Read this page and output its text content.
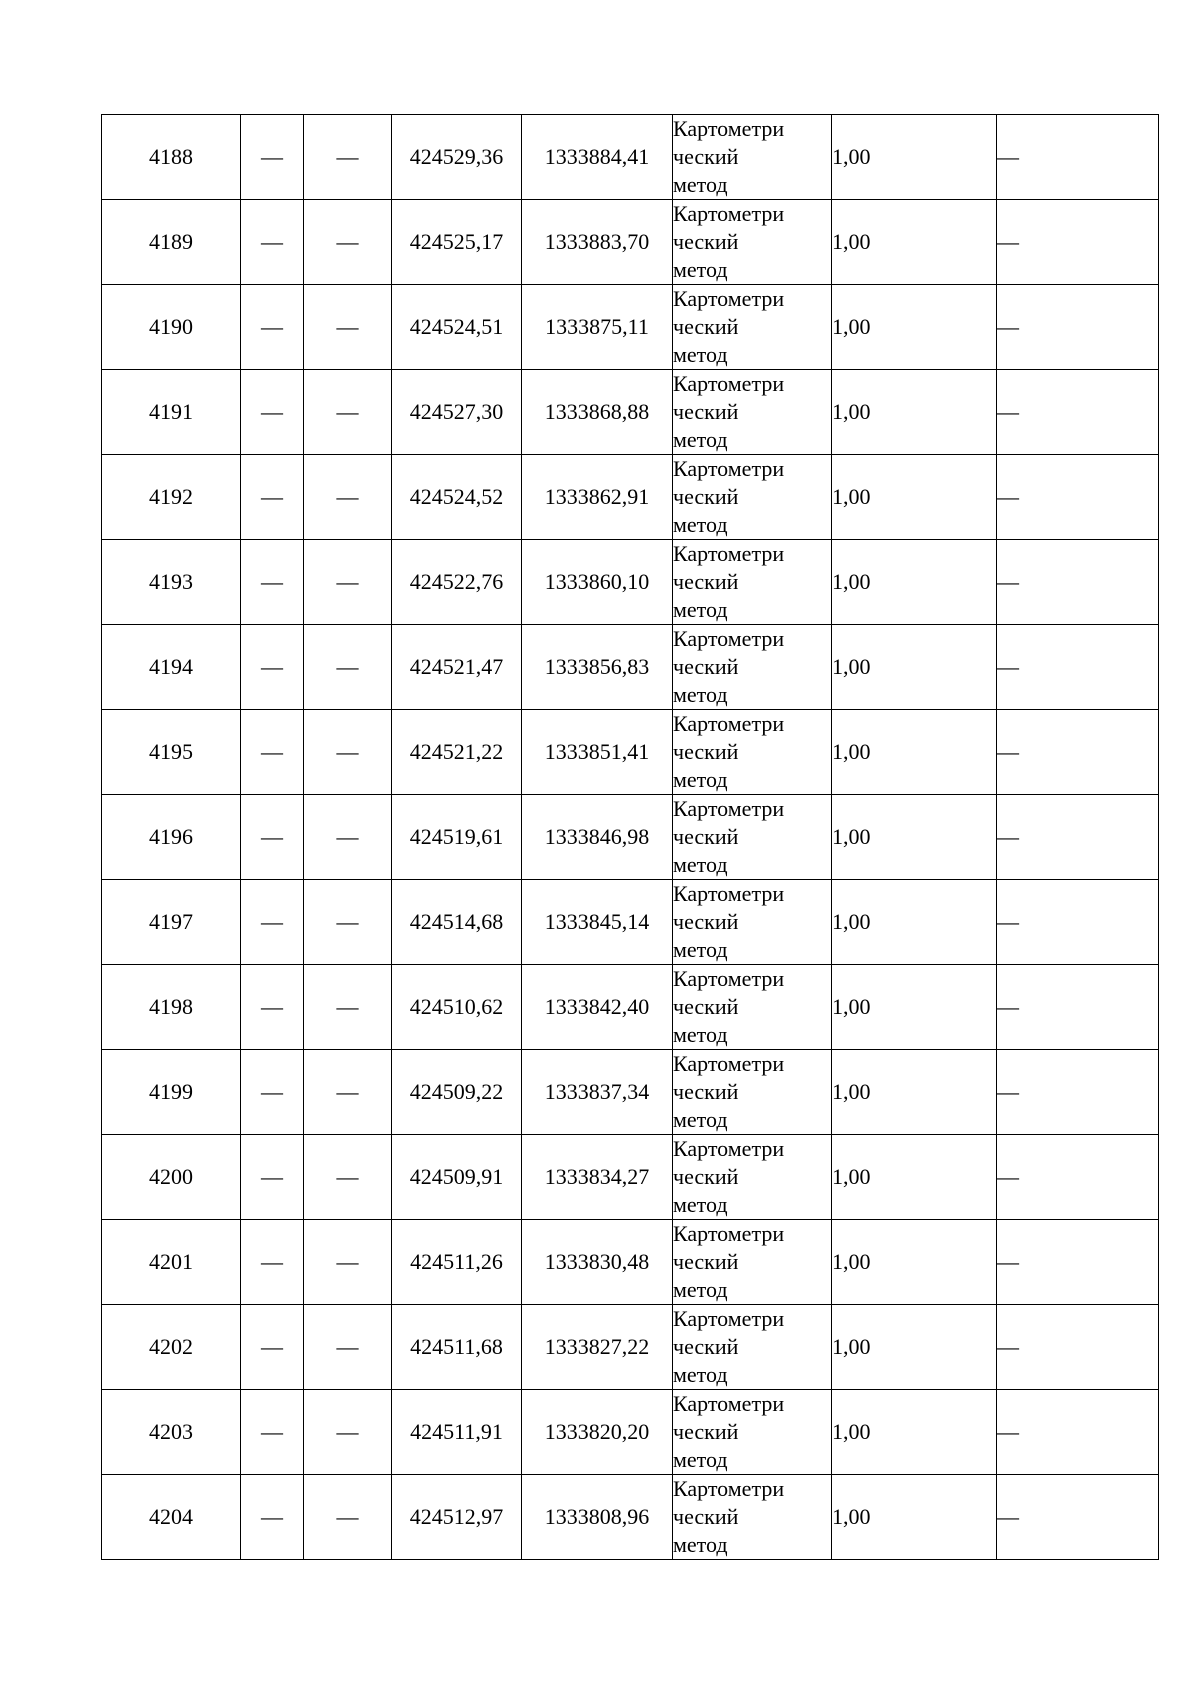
4188	—	—	424529,36	1333884,41	Картометри
ческий
метод	1,00	—
4189	—	—	424525,17	1333883,70	Картометри
ческий
метод	1,00	—
4190	—	—	424524,51	1333875,11	Картометри
ческий
метод	1,00	—
4191	—	—	424527,30	1333868,88	Картометри
ческий
метод	1,00	—
4192	—	—	424524,52	1333862,91	Картометри
ческий
метод	1,00	—
4193	—	—	424522,76	1333860,10	Картометри
ческий
метод	1,00	—
4194	—	—	424521,47	1333856,83	Картометри
ческий
метод	1,00	—
4195	—	—	424521,22	1333851,41	Картометри
ческий
метод	1,00	—
4196	—	—	424519,61	1333846,98	Картометри
ческий
метод	1,00	—
4197	—	—	424514,68	1333845,14	Картометри
ческий
метод	1,00	—
4198	—	—	424510,62	1333842,40	Картометри
ческий
метод	1,00	—
4199	—	—	424509,22	1333837,34	Картометри
ческий
метод	1,00	—
4200	—	—	424509,91	1333834,27	Картометри
ческий
метод	1,00	—
4201	—	—	424511,26	1333830,48	Картометри
ческий
метод	1,00	—
4202	—	—	424511,68	1333827,22	Картометри
ческий
метод	1,00	—
4203	—	—	424511,91	1333820,20	Картометри
ческий
метод	1,00	—
4204	—	—	424512,97	1333808,96	Картометри
ческий
метод	1,00	—
